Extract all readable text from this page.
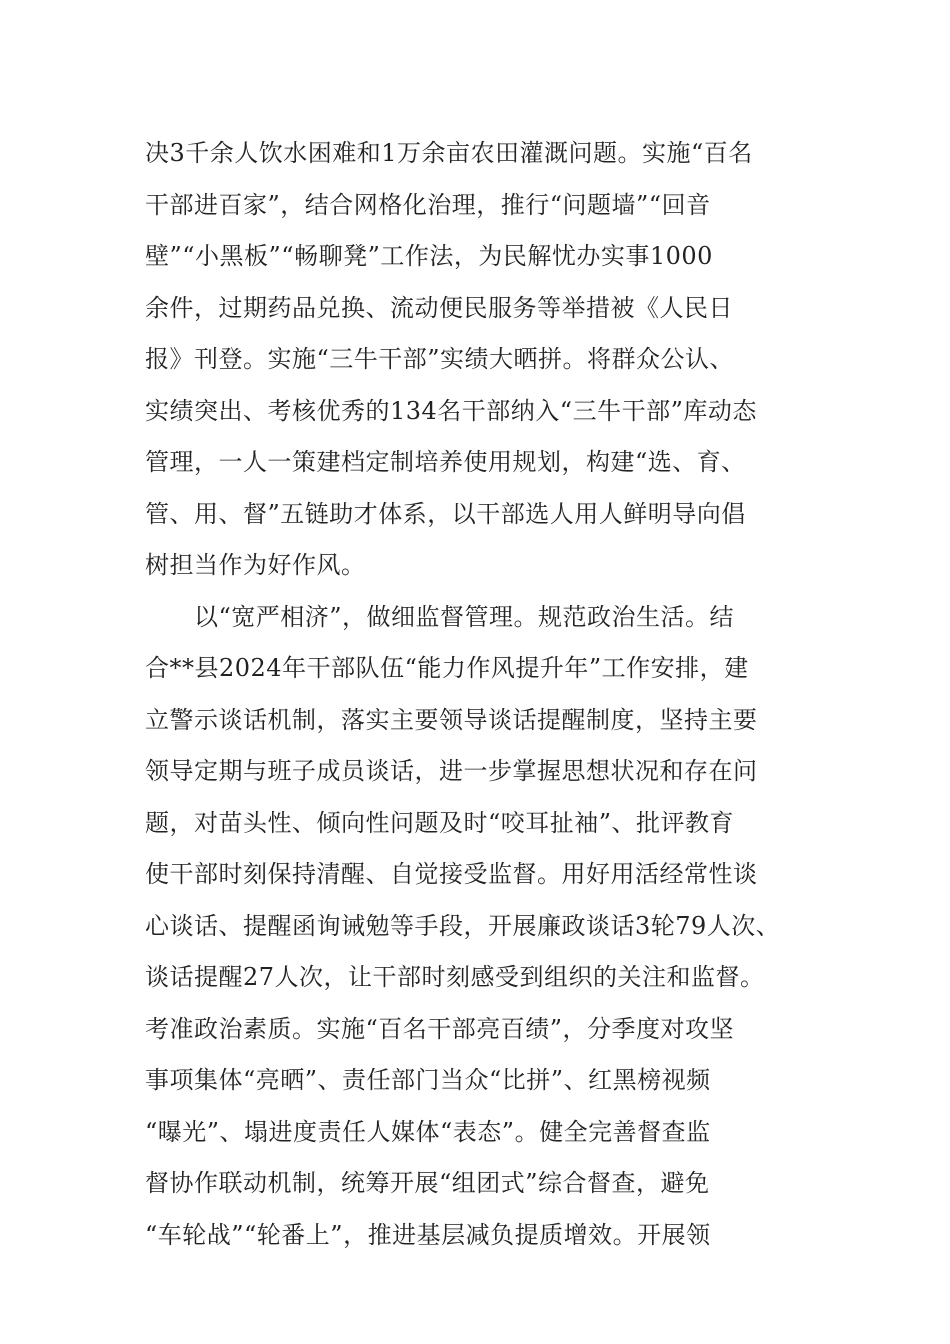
决3千余人饮水困难和1万余亩农田灌溉问题。实施“百名
干部进百家”，结合网格化治理，推行“问题墙”“回音
壁”“小黑板”“畅聊凳”工作法，为民解忧办实事1000
余件，过期药品兑换、流动便民服务等举措被《人民日
报》刊登。实施“三牛干部”实绩大晒拼。将群众公认、
实绩突出、考核优秀的134名干部纳入“三牛干部”库动态
管理，一人一策建档定制培养使用规划，构建“选、育、
管、用、督”五链助才体系，以干部选人用人鲜明导向倡
树担当作为好作风。
　　以“宽严相济”，做细监督管理。规范政治生活。结
合**县2024年干部队伍“能力作风提升年”工作安排，建
立警示谈话机制，落实主要领导谈话提醒制度，坚持主要
领导定期与班子成员谈话，进一步掌握思想状况和存在问
题，对苗头性、倾向性问题及时“咬耳扯袖”、批评教育
使干部时刻保持清醒、自觉接受监督。用好用活经常性谈
心谈话、提醒函询诫勉等手段，开展廉政谈话3轮79人次、
谈话提醒27人次，让干部时刻感受到组织的关注和监督。
考准政治素质。实施“百名干部亮百绩”，分季度对攻坚
事项集体“亮晒”、责任部门当众“比拼”、红黑榜视频
“曝光”、塌进度责任人媒体“表态”。健全完善督查监
督协作联动机制，统筹开展“组团式”综合督查，避免
“车轮战”“轮番上”，推进基层减负提质增效。开展领
